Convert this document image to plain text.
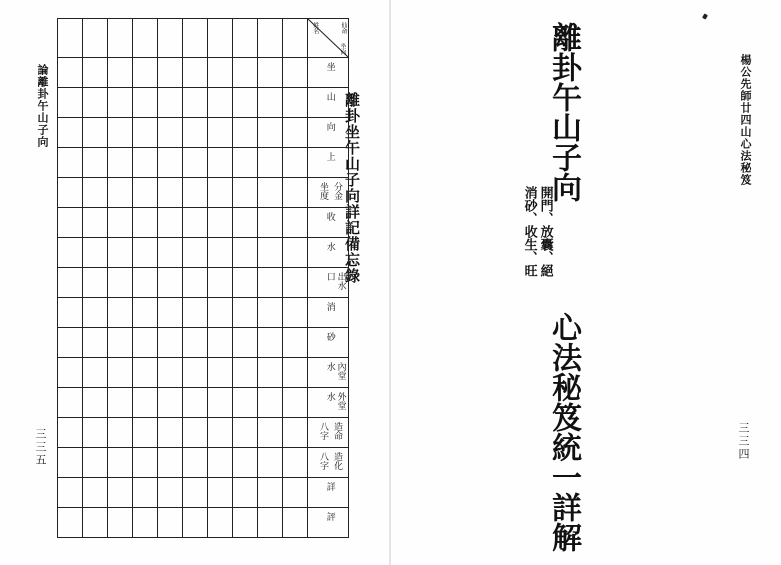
論離卦午山子向	離卦坐午山子向詳記備忘錄
三三五

										仙命
姓名
坐向

										坐

										山

										向

										上

										分金
坐度

										收

										水

										出水口

										消

										砂

										內堂水

										外堂水

										造命
八字

										造化
八字

										詳

										評
楊公先師廿四山心法秘笈
離卦午山子向
消砂、收生、旺 開門、放囊、絕
心法秘笈統一詳解	三三四
